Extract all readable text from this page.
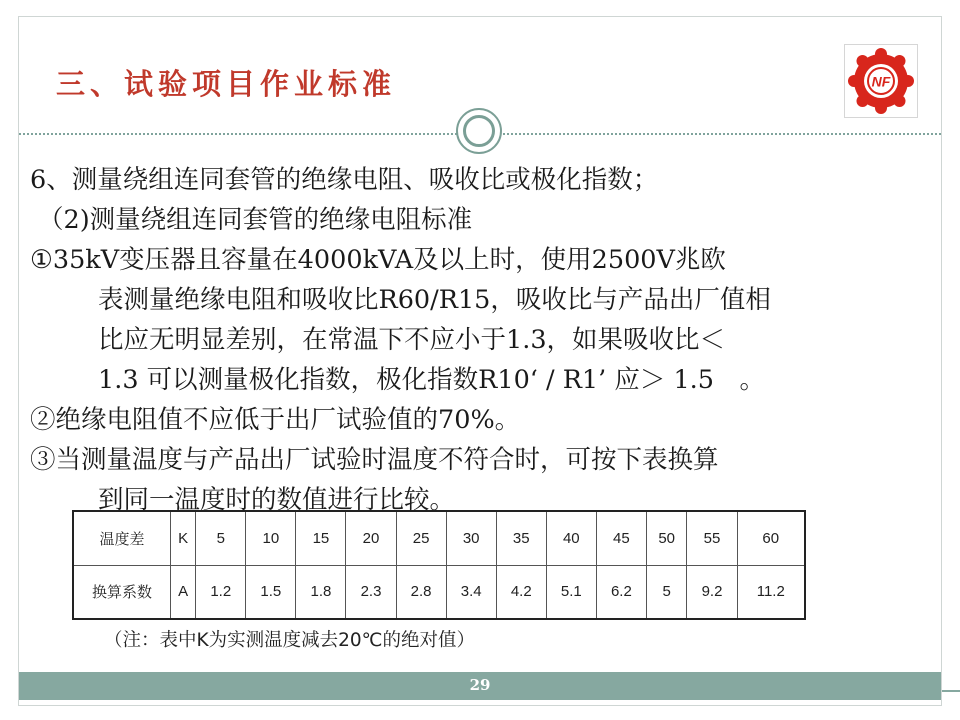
三、试验项目作业标准	NF
6、测量绕组连同套管的绝缘电阻、吸收比或极化指数；
（2)测量绕组连同套管的绝缘电阻标准
①35kV变压器且容量在4000kVA及以上时，使用2500V兆欧
表测量绝缘电阻和吸收比R60/R15，吸收比与产品出厂值相
比应无明显差别，在常温下不应小于1.3，如果吸收比＜
1.3 可以测量极化指数，极化指数R10‘ / R1’ 应＞ 1.5　。
②绝缘电阻值不应低于出厂试验值的70%。
③当测量温度与产品出厂试验时温度不符合时，可按下表换算
到同一温度时的数值进行比较。
温度差	K	5	10	15	20	25	30	35	40	45	50	55	60
换算系数	A	1.2	1.5	1.8	2.3	2.8	3.4	4.2	5.1	6.2	5	9.2	11.2
（注：表中K为实测温度减去20℃的绝对值）
29
